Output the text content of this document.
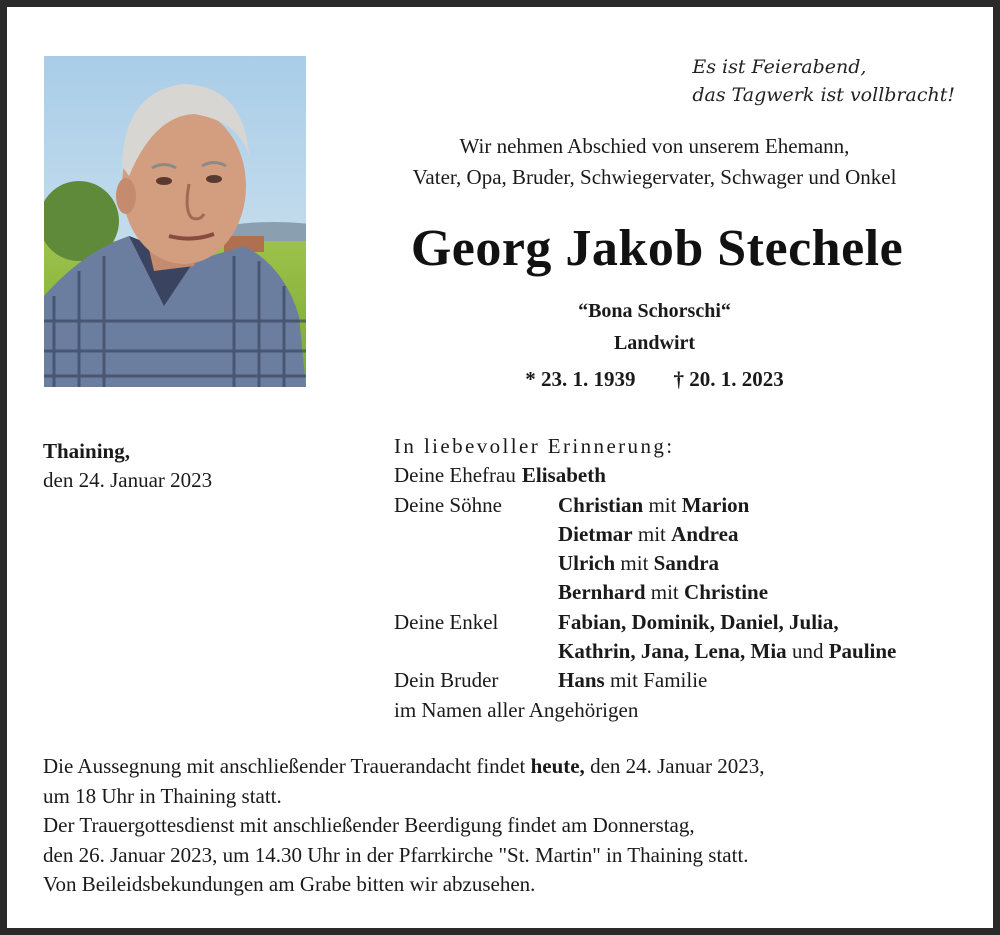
Es ist Feierabend,
das Tagwerk ist vollbracht!
Wir nehmen Abschied von unserem Ehemann,
Vater, Opa, Bruder, Schwiegervater, Schwager und Onkel
Georg Jakob Stechele
“Bona Schorschi“
Landwirt
* 23. 1. 1939 † 20. 1. 2023
Thaining,
den 24. Januar 2023
In liebevoller Erinnerung:
Deine Ehefrau Elisabeth
Deine Söhne	Christian mit Marion
Dietmar mit Andrea
Ulrich mit Sandra
Bernhard mit Christine
Deine Enkel	Fabian, Dominik, Daniel, Julia,
Kathrin, Jana, Lena, Mia und Pauline
Dein Bruder	Hans mit Familie
im Namen aller Angehörigen

Die Aussegnung mit anschließender Trauerandacht findet heute, den 24. Januar 2023,

um 18 Uhr in Thaining statt.

Der Trauergottesdienst mit anschließender Beerdigung findet am Donnerstag,

den 26. Januar 2023, um 14.30 Uhr in der Pfarrkirche "St. Martin" in Thaining statt.

Von Beileidsbekundungen am Grabe bitten wir abzusehen.
